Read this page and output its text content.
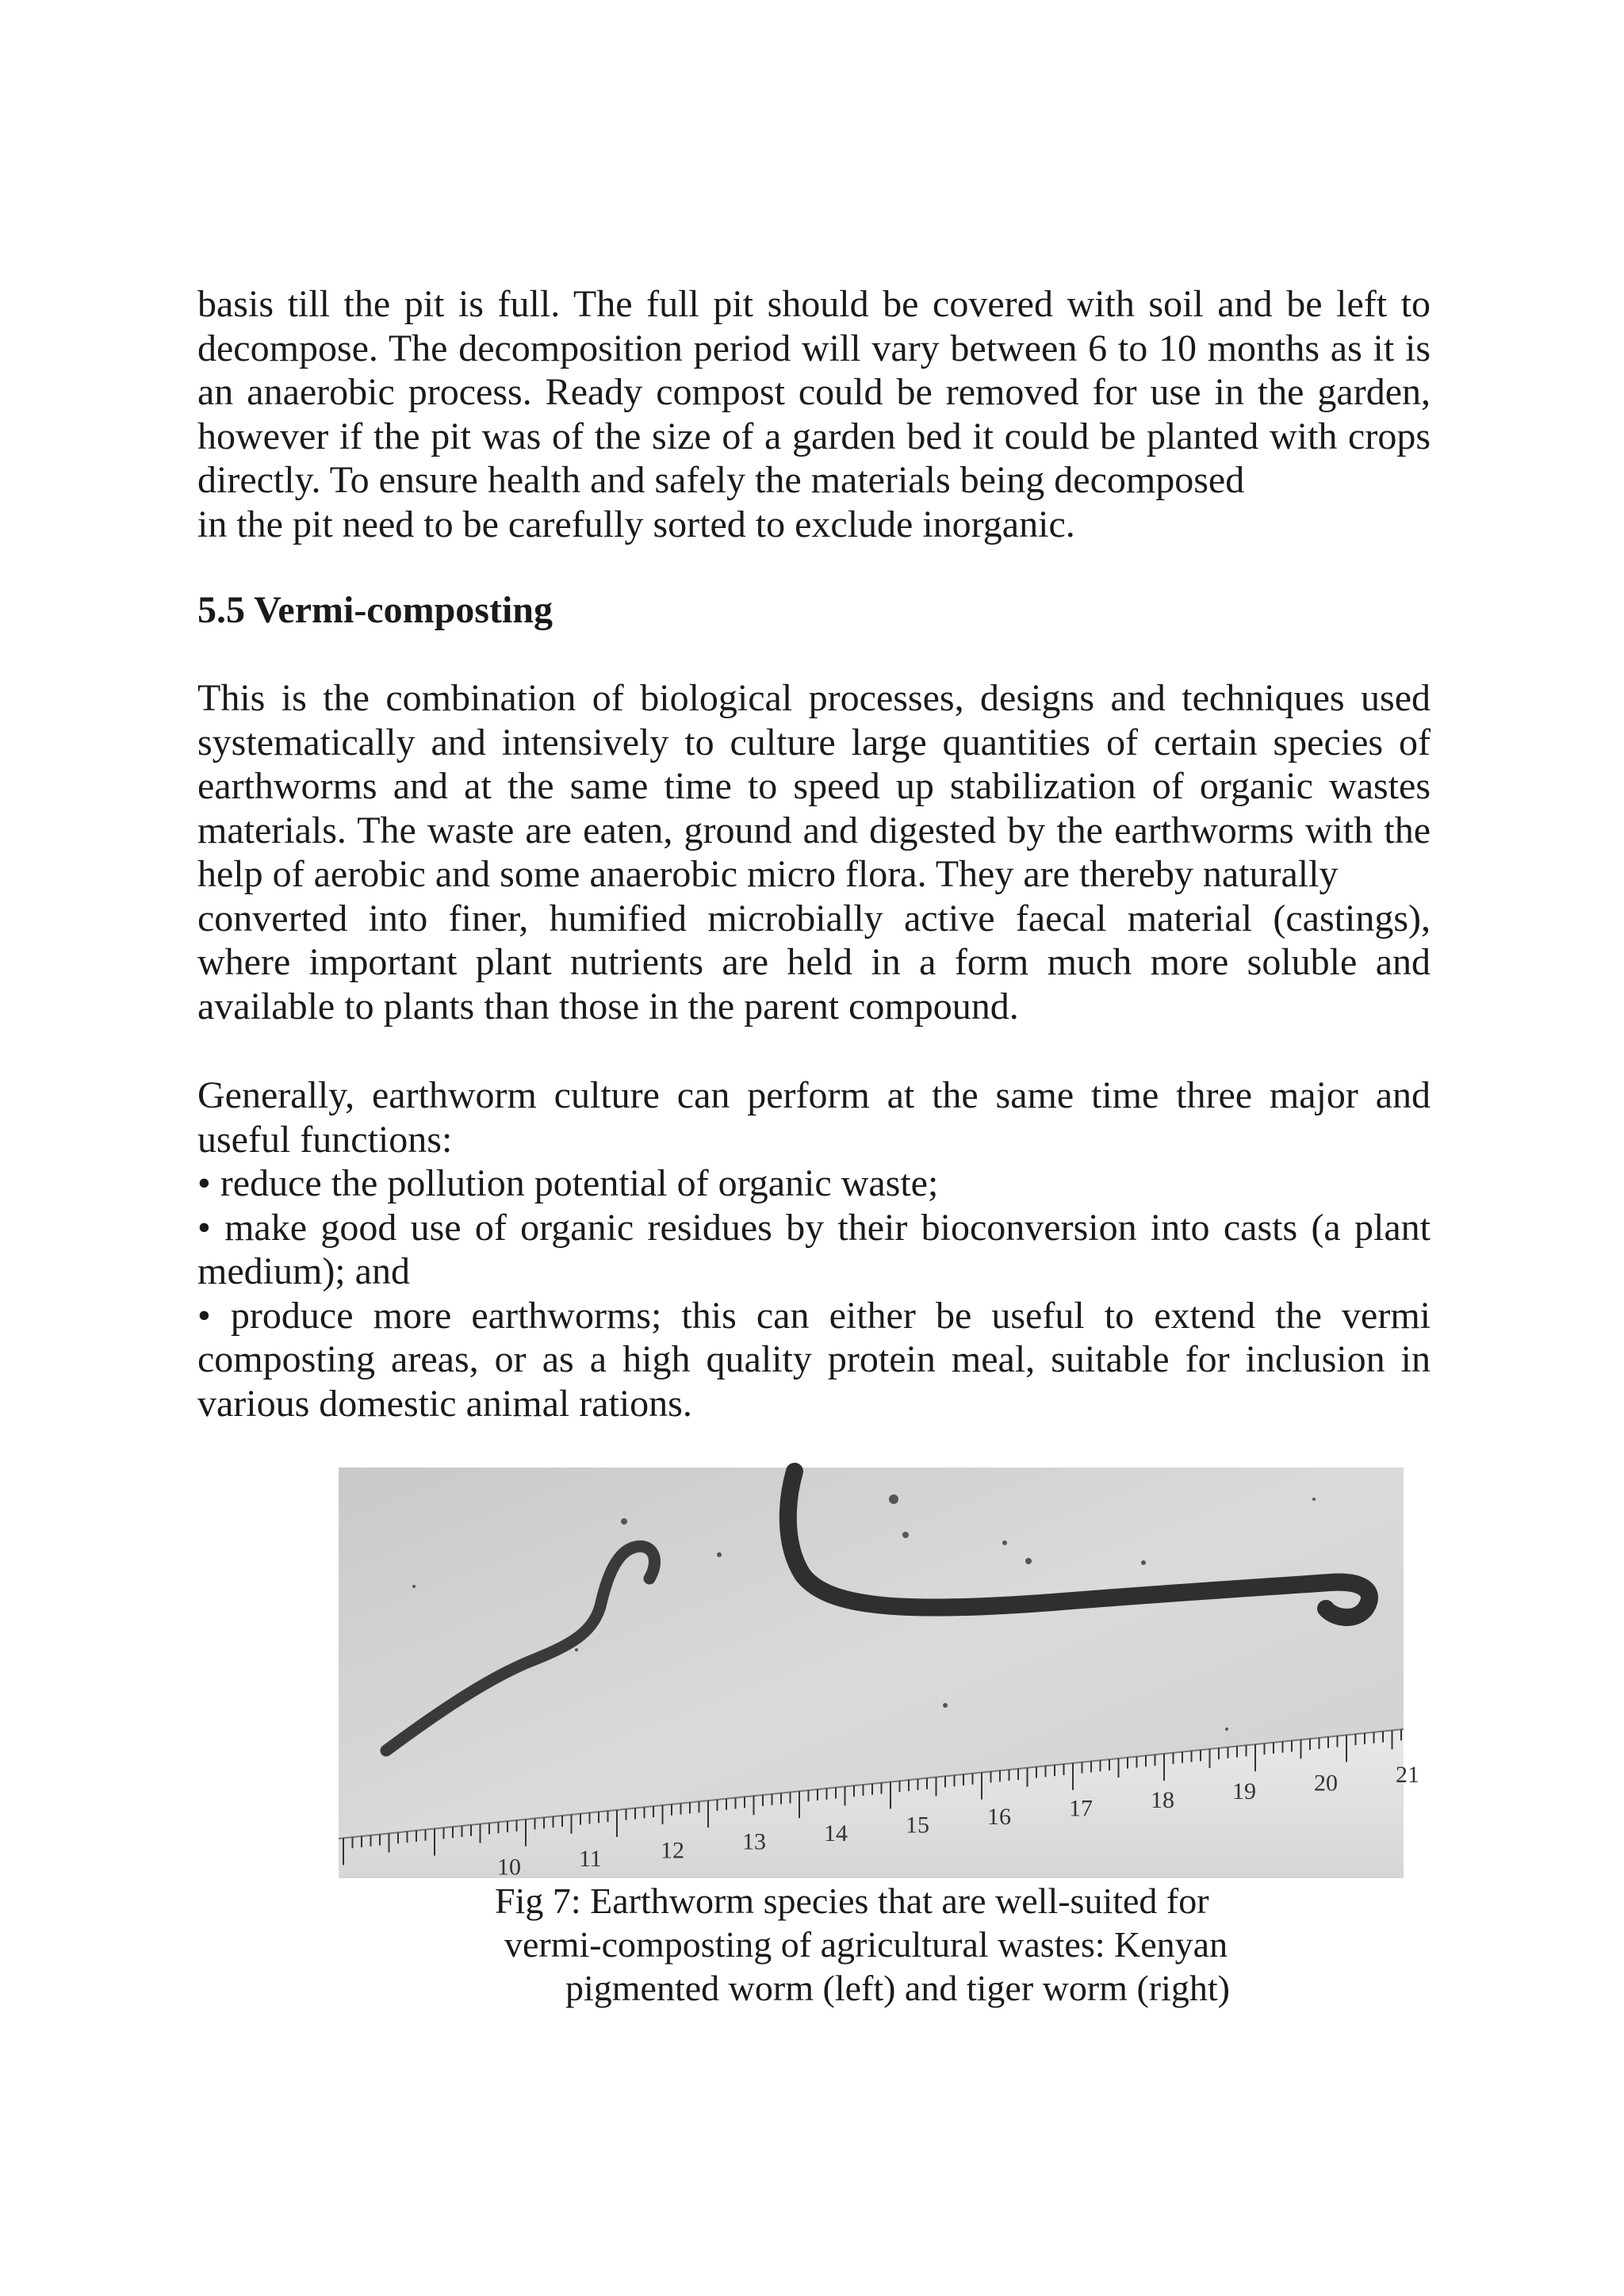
basis till the pit is full. The full pit should be covered with soil and be left to
decompose. The decomposition period will vary between 6 to 10 months as it is
an anaerobic process. Ready compost could be removed for use in the garden,
however if the pit was of the size of a garden bed it could be planted with crops
directly. To ensure health and safely the materials being decomposed
in the pit need to be carefully sorted to exclude inorganic.
5.5 Vermi-composting
This is the combination of biological processes, designs and techniques used
systematically and intensively to culture large quantities of certain species of
earthworms and at the same time to speed up stabilization of organic wastes
materials. The waste are eaten, ground and digested by the earthworms with the
help of aerobic and some anaerobic micro flora. They are thereby naturally
converted into finer, humified microbially active faecal material (castings),
where important plant nutrients are held in a form much more soluble and
available to plants than those in the parent compound.
Generally, earthworm culture can perform at the same time three major and
useful functions:
• reduce the pollution potential of organic waste;
• make good use of organic residues by their bioconversion into casts (a plant
medium); and
• produce more earthworms; this can either be useful to extend the vermi
composting areas, or as a high quality protein meal, suitable for inclusion in
various domestic animal rations.
10 11 12 13 14 15 16 17 18 19 20 21
Fig 7: Earthworm species that are well-suited for
vermi-composting of agricultural wastes: Kenyan
pigmented worm (left) and tiger worm (right)
